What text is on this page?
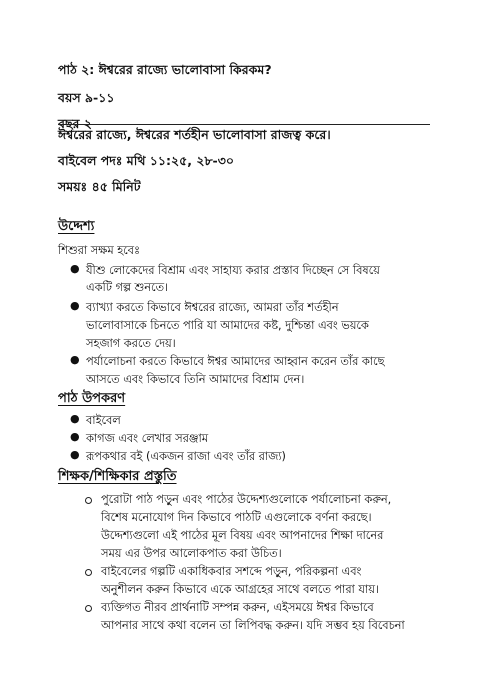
পাঠ ২: ঈশ্বরের রাজ্যে ভালোবাসা কিরকম?
বয়স ৯-১১
বছর ২
ঈশ্বরের রাজ্যে, ঈশ্বরের শর্তহীন ভালোবাসা রাজত্ব করে।
বাইবেল পদঃ মথি ১১:২৫, ২৮-৩০
সময়ঃ ৪৫ মিনিট
উদ্দেশ্য
শিশুরা সক্ষম হবেঃ
● যীশু লোকেদের বিশ্রাম এবং সাহায্য করার প্রস্তাব দিচ্ছেন সে বিষয়ে
একটি গল্প শুনতে।
● ব্যাখ্যা করতে কিভাবে ঈশ্বরের রাজ্যে, আমরা তাঁর শর্তহীন
ভালোবাসাকে চিনতে পারি যা আমাদের কষ্ট, দুশ্চিন্তা এবং ভয়কে
সহজাগ করতে দেয়।
● পর্যালোচনা করতে কিভাবে ঈশ্বর আমাদের আহ্বান করেন তাঁর কাছে
আসতে এবং কিভাবে তিনি আমাদের বিশ্রাম দেন।
পাঠ উপকরণ
● বাইবেল
● কাগজ এবং লেখার সরঞ্জাম
● রূপকথার বই (একজন রাজা এবং তাঁর রাজ্য)
শিক্ষক/শিক্ষিকার প্রস্তুতি
পুরোটা পাঠ পড়ুন এবং পাঠের উদ্দেশ্যগুলোকে পর্যালোচনা করুন,
বিশেষ মনোযোগ দিন কিভাবে পাঠটি এগুলোকে বর্ণনা করছে।
উদ্দেশ্যগুলো এই পাঠের মূল বিষয় এবং আপনাদের শিক্ষা দানের
সময় এর উপর আলোকপাত করা উচিত।
বাইবেলের গল্পটি একাধিকবার সশব্দে পড়ুন, পরিকল্পনা এবং
অনুশীলন করুন কিভাবে একে আগ্রহের সাথে বলতে পারা যায়।
ব্যক্তিগত নীরব প্রার্থনাটি সম্পন্ন করুন, এইসময়ে ঈশ্বর কিভাবে
আপনার সাথে কথা বলেন তা লিপিবদ্ধ করুন। যদি সম্ভব হয় বিবেচনা
